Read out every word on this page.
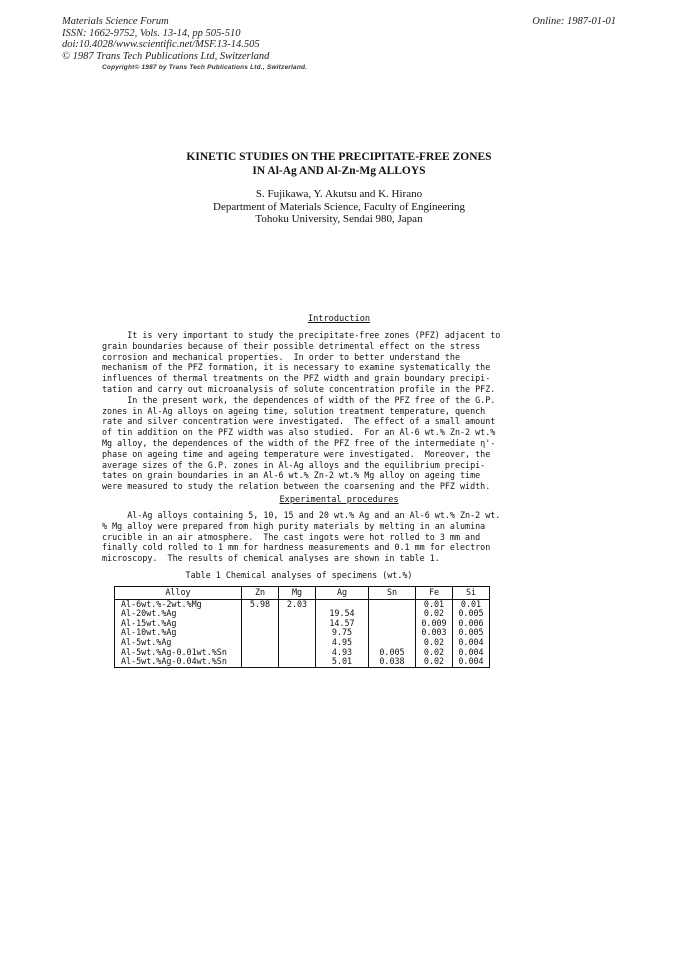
Materials Science Forum
ISSN: 1662-9752, Vols. 13-14, pp 505-510
doi:10.4028/www.scientific.net/MSF.13-14.505
© 1987 Trans Tech Publications Ltd, Switzerland
Online: 1987-01-01
Copyright© 1987 by Trans Tech Publications Ltd., Switzerland.
KINETIC STUDIES ON THE PRECIPITATE-FREE ZONES
IN Al-Ag AND Al-Zn-Mg ALLOYS
S. Fujikawa, Y. Akutsu and K. Hirano
Department of Materials Science, Faculty of Engineering
Tohoku University, Sendai 980, Japan
Introduction
It is very important to study the precipitate-free zones (PFZ) adjacent to
grain boundaries because of their possible detrimental effect on the stress
corrosion and mechanical properties.  In order to better understand the
mechanism of the PFZ formation, it is necessary to examine systematically the
influences of thermal treatments on the PFZ width and grain boundary precipi-
tation and carry out microanalysis of solute concentration profile in the PFZ.
In the present work, the dependences of width of the PFZ free of the G.P.
zones in Al-Ag alloys on ageing time, solution treatment temperature, quench
rate and silver concentration were investigated.  The effect of a small amount
of tin addition on the PFZ width was also studied.  For an Al-6 wt.% Zn-2 wt.%
Mg alloy, the dependences of the width of the PFZ free of the intermediate η'-
phase on ageing time and ageing temperature were investigated.  Moreover, the
average sizes of the G.P. zones in Al-Ag alloys and the equilibrium precipi-
tates on grain boundaries in an Al-6 wt.% Zn-2 wt.% Mg alloy on ageing time
were measured to study the relation between the coarsening and the PFZ width.
Experimental procedures
Al-Ag alloys containing 5, 10, 15 and 20 wt.% Ag and an Al-6 wt.% Zn-2 wt.
% Mg alloy were prepared from high purity materials by melting in an alumina
crucible in an air atmosphere.  The cast ingots were hot rolled to 3 mm and
finally cold rolled to 1 mm for hardness measurements and 0.1 mm for electron
microscopy.  The results of chemical analyses are shown in table 1.
Table 1 Chemical analyses of specimens (wt.%)
Alloy	Zn	Mg	Ag	Sn	Fe	Si
Al-6wt.%-2wt.%Mg	5.98	2.03			0.01	0.01
Al-20wt.%Ag			19.54		0.02	0.005
Al-15wt.%Ag			14.57		0.009	0.006
Al-10wt.%Ag			9.75		0.003	0.005
Al-5wt.%Ag			4.95		0.02	0.004
Al-5wt.%Ag-0.01wt.%Sn			4.93	0.005	0.02	0.004
Al-5wt.%Ag-0.04wt.%Sn			5.01	0.038	0.02	0.004
